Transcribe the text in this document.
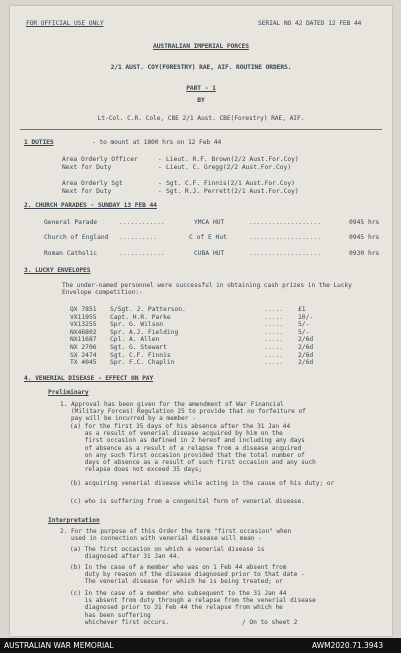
FOR OFFICIAL USE ONLY	SERIAL NO 42 DATED 12 FEB 44
AUSTRALIAN IMPERIAL FORCES
2/1 AUST. COY(FORESTRY) RAE, AIF. ROUTINE ORDERS.
PART - 1
BY
Lt-Col. C.R. Cole, CBE 2/1 Aust. CBE(Forestry) RAE, AIF.
1 DUTIES	- to mount at 1800 hrs on 12 Feb 44
Area Orderly Officer	- Lieut. R.F. Brown(2/2 Aust.For.Coy)
Next for Duty	- Lieut. C. Gregg(2/2 Aust.For.Coy)
Area Orderly Sgt	- Sgt. C.F. Finnis(2/1 Aust.For.Coy)
Next for Duty	- Sgt. R.J. Perrett(2/1 Aust.For.Coy)
2. CHURCH PARADES - SUNDAY 13 FEB 44
General Parade	............	YMCA HUT	...................	0945 hrs
Church of England ..........	C of E Hut	...................	0945 hrs
Roman Catholic	............	CUBA HUT	...................	0930 hrs
3. LUCKY ENVELOPES
The under-named personnel were successful in obtaining cash prizes in the Lucky Envelope competition:-
4. VENERIAL DISEASE - EFFECT ON PAY
Preliminary
1. Approval has been given for the amendment of War Financial
(Military Forces) Regulation 25 to provide that no forfeiture of
pay will be incurred by a member -
(a) for the first 35 days of his absence after the 31 Jan 44
as a result of venerial disease acquired by him on the
first occasion as defined in 2 hereof and including any days
of absence as a result of a relapse from a disease acquired
on any such first occasion provided that the total number of
days of absence as a result of such first occasion and any such
relapse does not exceed 35 days;
(b) acquiring venerial disease while acting in the cause of his duty; or
(c) who is suffering from a congenital form of venerial disease.
Interpretation
2. For the purpose of this Order the term "first occasion" when
used in connection with venerial disease will mean -
(a) The first occasion on which a venerial disease is
diagnosed after 31 Jan 44.
(b) In the case of a member who was on 1 Feb 44 absent from
duty by reason of the disease diagnosed prior to that date -
The venerial disease for which he is being treated; or
(c) In the case of a member who subsequent to the 31 Jan 44
is absent from duty through a relapse from the venerial disease
diagnosed prior to 31 Feb 44 the relapse from which he
has been suffering
whichever first occurs.	/ On to sheet 2
QX 7851 S/Sgt. J. Patterson.	£1
.....
VX11955 Capt. H.R. Parke	10/-
.....
VX13255 Spr. G. Wilson	5/-
.....
NX46802 Spr. A.J. Fielding	5/-
.....
NX11687 Cpl. A. Allen	2/6d
.....
NX 2706 Sgt. G. Stewart	2/6d
.....
SX 2474 Sgt. C.F. Finnis	2/6d
.....
TX 4045 Spr. F.C. Chaplin	2/6d
.....
AUSTRALIAN WAR MEMORIAL	AWM2020.71.3943
